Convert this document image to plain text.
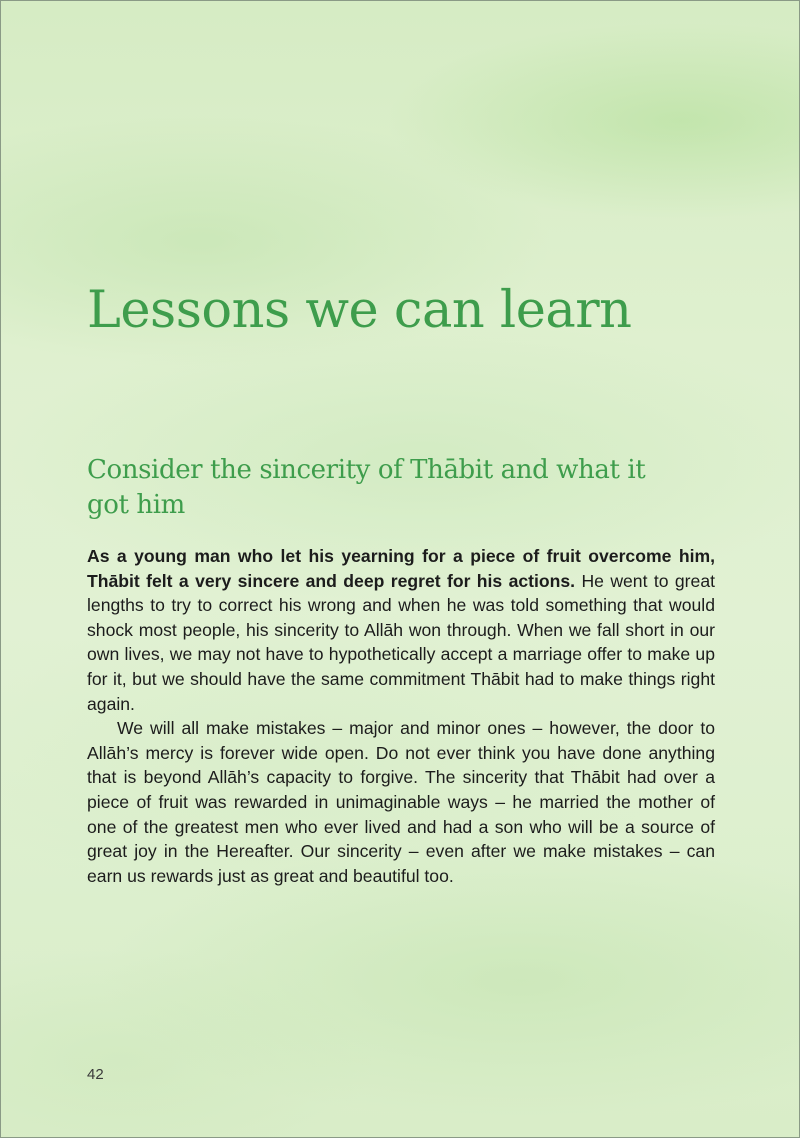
Lessons we can learn
Consider the sincerity of Thābit and what it got him

As a young man who let his yearning for a piece of fruit overcome him, Thābit felt a very sincere and deep regret for his actions. He went to great lengths to try to correct his wrong and when he was told something that would shock most people, his sincerity to Allāh won through. When we fall short in our own lives, we may not have to hypothetically accept a marriage offer to make up for it, but we should have the same commitment Thābit had to make things right again.

We will all make mistakes – major and minor ones – however, the door to Allāh’s mercy is forever wide open. Do not ever think you have done anything that is beyond Allāh’s capacity to forgive. The sincerity that Thābit had over a piece of fruit was rewarded in unimaginable ways – he married the mother of one of the greatest men who ever lived and had a son who will be a source of great joy in the Hereafter. Our sincerity – even after we make mistakes – can earn us rewards just as great and beautiful too.

42
